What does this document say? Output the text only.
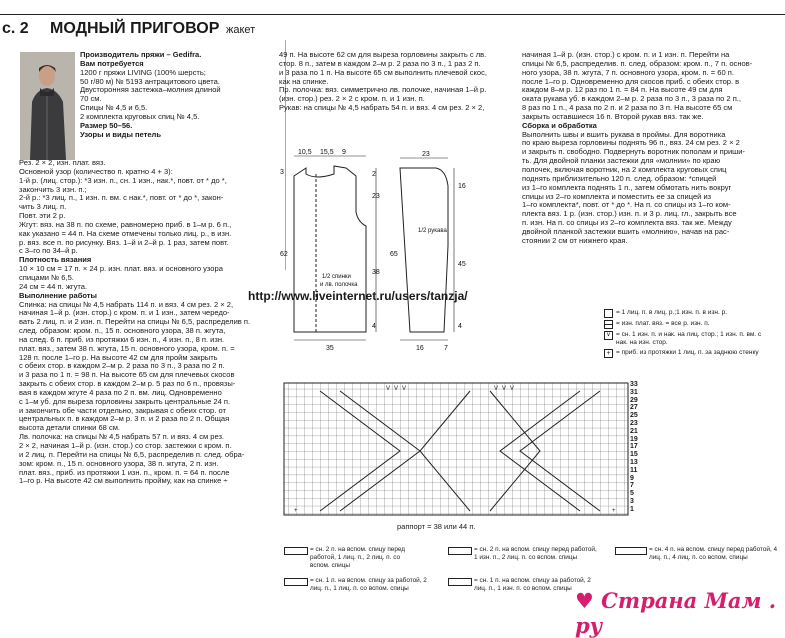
с. 2 МОДНЫЙ ПРИГОВОР жакет
Производитель пряжи – Gedifra.
Вам потребуется
1200 г пряжи LIVING (100% шерсть;
50 г/80 м) № 5193 антрацитового цвета.
Двусторонняя застежка–молния длиной
70 см.
Спицы № 4,5 и 6,5.
2 комплекта круговых спиц № 4,5.
Размер 50–56.
Узоры и виды петель
Рез. 2 × 2, изн. плат. вяз.
Основной узор (количество п. кратно 4 + 3):
1-й р. (лиц. стор.): *3 изн. п., сн. 1 изн., нак.*, повт. от * до *,
закончить 3 изн. п.;
2-й р.: *3 лиц. п., 1 изн. п. вм. с нак.*, повт. от * до *, закон-
чить 3 лиц. п.
Повт. эти 2 р.
Жгут: вяз. на 38 п. по схеме, равномерно приб. в 1–м р. 6 п.,
как указано = 44 п. На схеме отмечены только лиц. р., в изн.
р. вяз. все п. по рисунку. Вяз. 1–й и 2–й р. 1 раз, затем повт.
с 3–го по 34–й р.
Плотность вязания
10 × 10 см = 17 п. × 24 р. изн. плат. вяз. и основного узора
спицами № 6,5.
24 см = 44 п. жгута.
Выполнение работы
Спинка: на спицы № 4,5 набрать 114 п. и вяз. 4 см рез. 2 × 2,
начиная 1–й р. (изн. стор.) с кром. п. и 1 изн., затем чередо-
вать 2 лиц. п. и 2 изн. п. Перейти на спицы № 6,5, распределив п.
след. образом: кром. п., 15 п. основного узора, 38 п. жгута,
на след. 6 п. приб. из протяжки 6 изн. п., 4 изн. п., 8 п. изн.
плат. вяз., затем 38 п. жгута, 15 п. основного узора, кром. п. =
128 п. после 1–го р. На высоте 42 см для пройм закрыть
с обеих стор. в каждом 2–м р. 2 раза по 3 п., 3 раза по 2 п.
и 3 раза по 1 п. = 98 п. На высоте 65 см для плечевых скосов
закрыть с обеих стор. в каждом 2–м р. 5 раз по 6 п., провязы-
вая в каждом жгуте 4 раза по 2 п. вм. лиц. Одновременно
с 1–м уб. для выреза горловины закрыть центральные 24 п.
и закончить обе части отдельно, закрывая с обеих стор. от
центральных п. в каждом 2–м р. 3 п. и 2 раза по 2 п. Общая
высота детали спинки 68 см.
Лв. полочка: на спицы № 4,5 набрать 57 п. и вяз. 4 см рез.
2 × 2, начиная 1–й р. (изн. стор.) со стор. застежки с кром. п.
и 2 лиц. п. Перейти на спицы № 6,5, распределив п. след. обра-
зом: кром. п., 15 п. основного узора, 38 п. жгута, 2 п. изн.
плат. вяз., приб. из протяжки 1 изн. п., кром. п. = 64 п. после
1–го р. На высоте 42 см выполнить пройму, как на спинке ÷
49 п. На высоте 62 см для выреза горловины закрыть с лв.
стор. 8 п., затем в каждом 2–м р. 2 раза по 3 п., 1 раз 2 п.
и 3 раза по 1 п. На высоте 65 см выполнить плечевой скос,
как на спинке.
Пр. полочка: вяз. симметрично лв. полочке, начиная 1–й р.
(изн. стор.) рез. 2 × 2 с кром. п. и 1 изн. п.
Рукав: на спицы № 4,5 набрать 54 п. и вяз. 4 см рез. 2 × 2,
начиная 1–й р. (изн. стор.) с кром. п. и 1 изн. п. Перейти на
спицы № 6,5, распределив. п. след. образом: кром. п., 7 п. основ-
ного узора, 38 п. жгута, 7 п. основного узора, кром. п. = 60 п.
после 1–го р. Одновременно для скосов приб. с обеих стор. в
каждом 8–м р. 12 раз по 1 п. = 84 п. На высоте 49 см для
оката рукава уб. в каждом 2–м р. 2 раза по 3 п., 3 раза по 2 п.,
8 раз по 1 п., 4 раза по 2 п. и 2 раза по 3 п. На высоте 65 см
закрыть оставшиеся 16 п. Второй рукав вяз. так же.
Сборка и обработка
Выполнить швы и вшить рукава в проймы. Для воротника
по краю выреза горловины поднять 96 п., вяз. 24 см рез. 2 × 2
и закрыть п. свободно. Подвернуть воротник пополам и приши-
ть. Для двойной планки застежки для «молнии» по краю
полочек, включая воротник, на 2 комплекта круговых спиц
поднять приблизительно 120 п. след. образом: *спицей
из 1–го комплекта поднять 1 п., затем обмотать нить вокруг
спицы из 2–го комплекта и поместить ее за спицей из
1–го комплекта*, повт. от * до *. На п. со спицы из 1–го ком-
плекта вяз. 1 р. (изн. стор.) изн. п. и 3 р. лиц. гл., закрыть все
п. изн. На п. со спицы из 2–го комплекта вяз. так же. Между
двойной планкой застежки вшить «молнию», начав на рас-
стоянии 2 см от нижнего края.
10,5 15,5 9
3	2
23
62
38
4
35
1/2 спинки
и лв. полочка
23
1/2 рукава
16
65
45
4
16	7
http://www.liveinternet.ru/users/tanzja/
= 1 лиц. п. в лиц. р.;1 изн. п. в изн. р.
= изн. плат. вяз. = все р. изн. п.
∨ = сн. 1 изн. п. и нак. на лиц. стор.; 1 изн. п. вм. с нак. на изн. стор.
+ = приб. из протяжки 1 лиц. п. за заднюю стенку
V V V	V V V
+	+
33
31
29
27
25
23
21
19
17
15
13
11
9
7
5
3
1
раппорт = 38 или 44 п.
= сн. 2 п. на вспом. спицу перед работой, 1 лиц. п., 2 лиц. п. со вспом. спицы
= сн. 1 п. на вспом. спицу за работой, 2 лиц. п., 1 лиц. п. со вспом. спицы
= сн. 2 п. на вспом. спицу перед работой, 1 изн. п., 2 лиц. п. со вспом. спицы
= сн. 1 п. на вспом. спицу за работой, 2 лиц. п., 1 изн. п. со вспом. спицы
= сн. 4 п. на вспом. спицу перед работой, 4 лиц. п., 4 лиц. п. со вспом. спицы
♥ Страна Мам . ру
